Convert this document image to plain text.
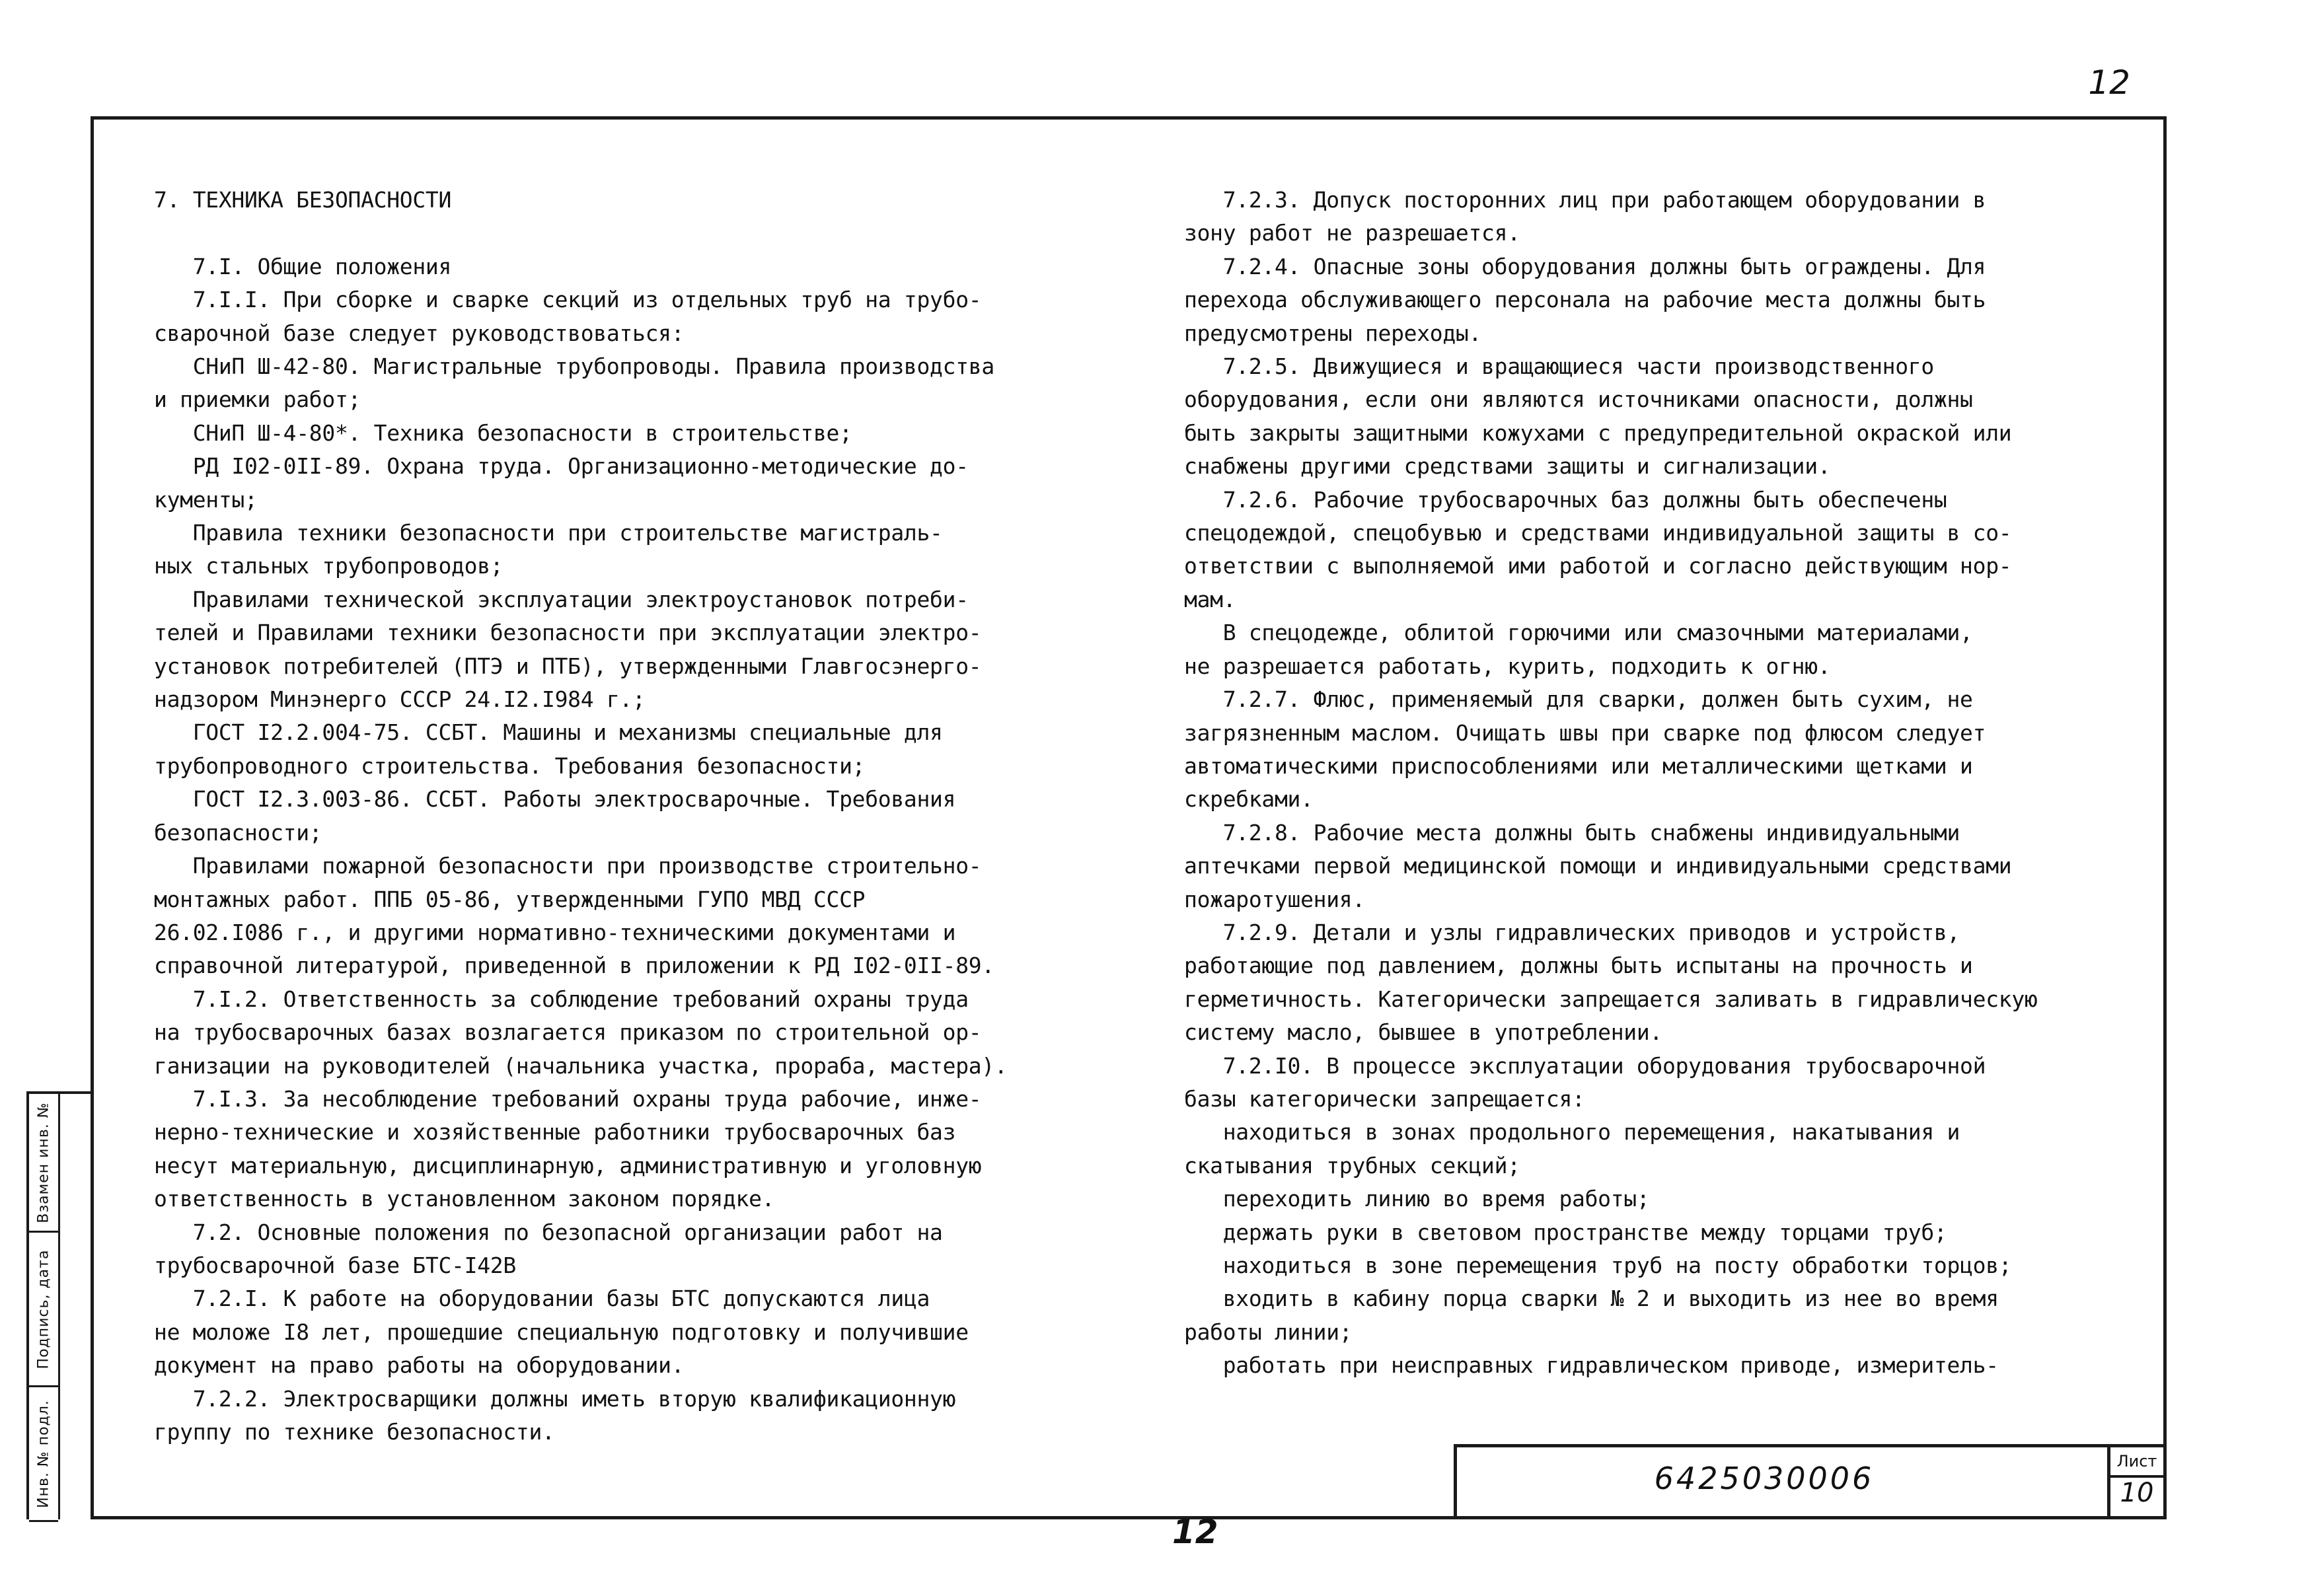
12
7. ТЕХНИКА БЕЗОПАСНОСТИ
7.I. Общие положения
7.I.I. При сборке и сварке секций из отдельных труб на трубо-
сварочной базе следует руководствоваться:
СНиП Ш-42-80. Магистральные трубопроводы. Правила производства
и приемки работ;
СНиП Ш-4-80*. Техника безопасности в строительстве;
РД I02-0II-89. Охрана труда. Организационно-методические до-
кументы;
Правила техники безопасности при строительстве магистраль-
ных стальных трубопроводов;
Правилами технической эксплуатации электроустановок потреби-
телей и Правилами техники безопасности при эксплуатации электро-
установок потребителей (ПТЭ и ПТБ), утвержденными Главгосэнерго-
надзором Минэнерго СССР 24.I2.I984 г.;
ГОСТ I2.2.004-75. ССБТ. Машины и механизмы специальные для
трубопроводного строительства. Требования безопасности;
ГОСТ I2.3.003-86. ССБТ. Работы электросварочные. Требования
безопасности;
Правилами пожарной безопасности при производстве строительно-
монтажных работ. ППБ 05-86, утвержденными ГУПО МВД СССР
26.02.I086 г., и другими нормативно-техническими документами и
справочной литературой, приведенной в приложении к РД I02-0II-89.
7.I.2. Ответственность за соблюдение требований охраны труда
на трубосварочных базах возлагается приказом по строительной ор-
ганизации на руководителей (начальника участка, прораба, мастера).
7.I.3. За несоблюдение требований охраны труда рабочие, инже-
нерно-технические и хозяйственные работники трубосварочных баз
несут материальную, дисциплинарную, административную и уголовную
ответственность в установленном законом порядке.
7.2. Основные положения по безопасной организации работ на
трубосварочной базе БТС-I42В
7.2.I. К работе на оборудовании базы БТС допускаются лица
не моложе I8 лет, прошедшие специальную подготовку и получившие
документ на право работы на оборудовании.
7.2.2. Электросварщики должны иметь вторую квалификационную
группу по технике безопасности.
7.2.3. Допуск посторонних лиц при работающем оборудовании в
зону работ не разрешается.
7.2.4. Опасные зоны оборудования должны быть ограждены. Для
перехода обслуживающего персонала на рабочие места должны быть
предусмотрены переходы.
7.2.5. Движущиеся и вращающиеся части производственного
оборудования, если они являются источниками опасности, должны
быть закрыты защитными кожухами с предупредительной окраской или
снабжены другими средствами защиты и сигнализации.
7.2.6. Рабочие трубосварочных баз должны быть обеспечены
спецодеждой, спецобувью и средствами индивидуальной защиты в со-
ответствии с выполняемой ими работой и согласно действующим нор-
мам.
В спецодежде, облитой горючими или смазочными материалами,
не разрешается работать, курить, подходить к огню.
7.2.7. Флюс, применяемый для сварки, должен быть сухим, не
загрязненным маслом. Очищать швы при сварке под флюсом следует
автоматическими приспособлениями или металлическими щетками и
скребками.
7.2.8. Рабочие места должны быть снабжены индивидуальными
аптечками первой медицинской помощи и индивидуальными средствами
пожаротушения.
7.2.9. Детали и узлы гидравлических приводов и устройств,
работающие под давлением, должны быть испытаны на прочность и
герметичность. Категорически запрещается заливать в гидравлическую
систему масло, бывшее в употреблении.
7.2.I0. В процессе эксплуатации оборудования трубосварочной
базы категорически запрещается:
находиться в зонах продольного перемещения, накатывания и
скатывания трубных секций;
переходить линию во время работы;
держать руки в световом пространстве между торцами труб;
находиться в зоне перемещения труб на посту обработки торцов;
входить в кабину порца сварки № 2 и выходить из нее во время
работы линии;
работать при неисправных гидравлическом приводе, измеритель-
6425030006	Лист
10
Инв. № подл.
Подпись, дата
Взамен инв. №
12
